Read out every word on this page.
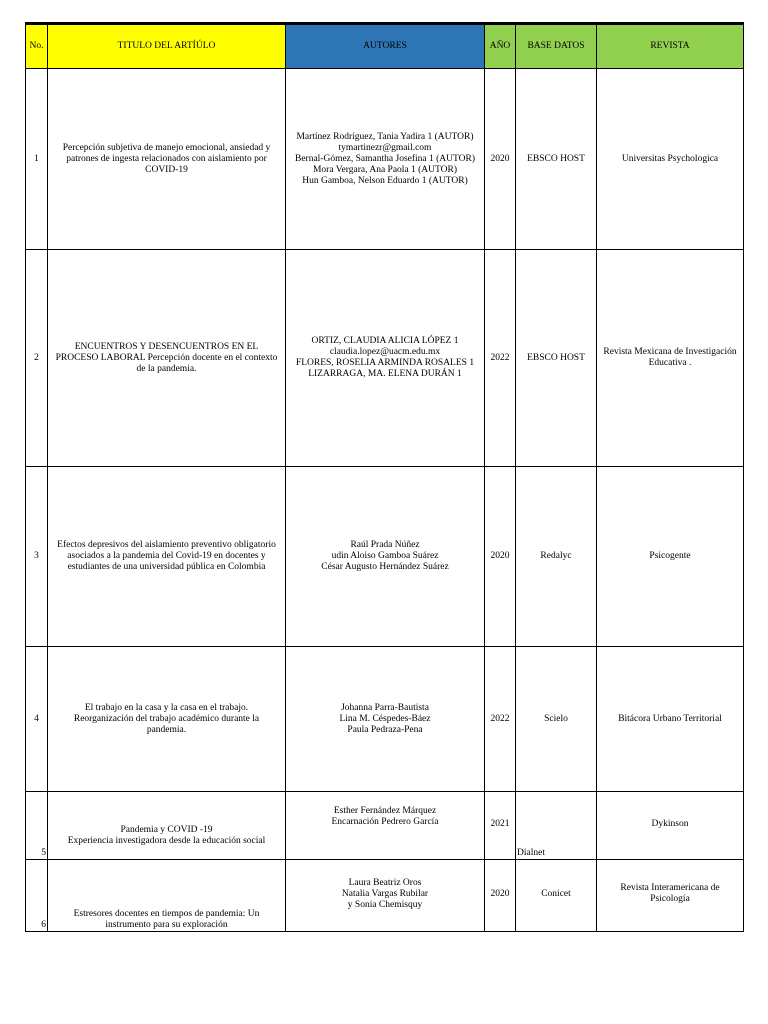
No.	TITULO DEL ARTÍÚLO	AUTORES	AÑO	BASE DATOS	REVISTA
1	Percepción subjetiva de manejo emocional, ansiedad y
patrones de ingesta relacionados con aislamiento por
COVID-19	Martínez Rodríguez, Tania Yadira 1 (AUTOR)
tymartinezr@gmail.com
Bernal-Gómez, Samantha Josefina 1 (AUTOR)
Mora Vergara, Ana Paola 1 (AUTOR)
Hun Gamboa, Nelson Eduardo 1 (AUTOR)	2020	EBSCO HOST	Universitas Psychologica

2	ENCUENTROS Y DESENCUENTROS EN EL
PROCESO LABORAL Percepción docente en el contexto
de la pandemia.	ORTIZ, CLAUDIA ALICIA LÓPEZ 1
claudia.lopez@uacm.edu.mx
FLORES, ROSELIA ARMINDA ROSALES 1
LIZARRAGA, MA. ELENA DURÁN 1	2022	EBSCO HOST	Revista Mexicana de Investigación
Educativa .

3	Efectos depresivos del aislamiento preventivo obligatorio
asociados a la pandemia del Covid-19 en docentes y
estudiantes de una universidad pública en Colombia	Raúl Prada Núñez
udin Aloiso Gamboa Suárez
César Augusto Hernández Suárez	2020	Redalyc	Psicogente

4	El trabajo en la casa y la casa en el trabajo.
Reorganización del trabajo académico durante la
pandemia.	Johanna Parra-Bautista
Lina M. Céspedes-Báez
Paula Pedraza-Pena	2022	Scielo	Bitácora Urbano Territorial

5	Pandemia y COVID -19
Experiencia investigadora desde la educación social	Esther Fernández Márquez
Encarnación Pedrero García	2021	Dialnet	Dykinson

6	Estresores docentes en tiempos de pandemia: Un
instrumento para su exploración	Laura Beatriz Oros
Natalia Vargas Rubilar
y Sonia Chemisquy	2020	Conicet	Revista Interamericana de
Psicología
